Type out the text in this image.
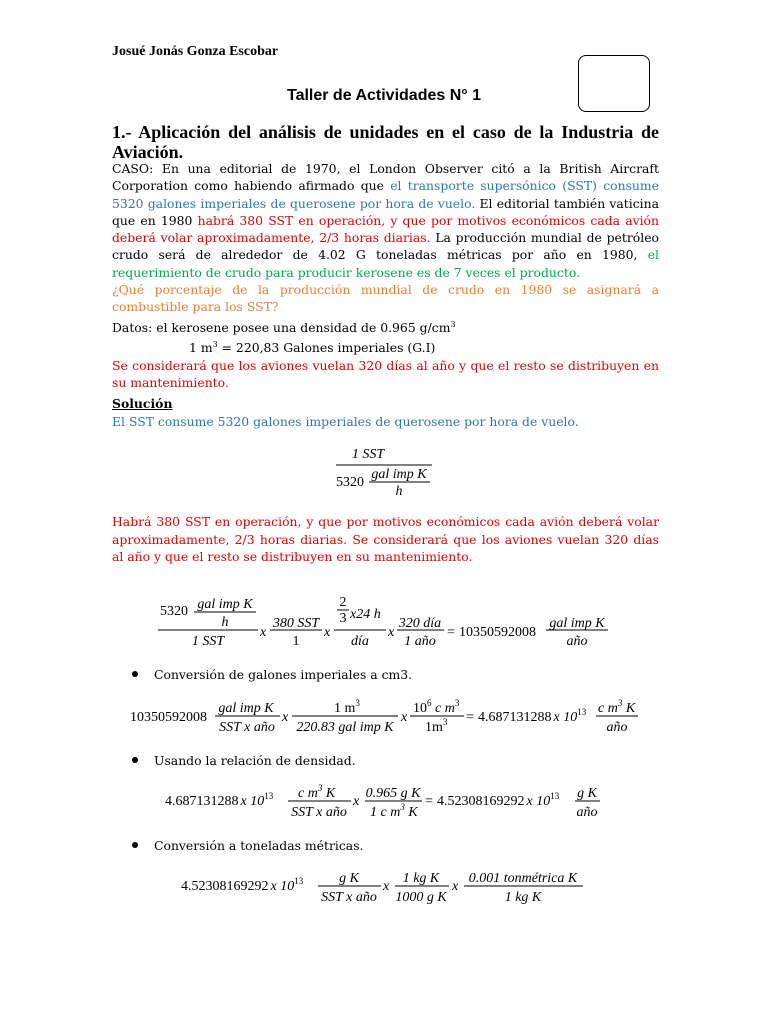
Josué Jonás Gonza Escobar
Taller de Actividades N° 1
1.- Aplicación del análisis de unidades en el caso de la Industria de Aviación.

CASO: En una editorial de 1970, el London Observer citó a la British Aircraft Corporation como habiendo afirmado que el transporte supersónico (SST) consume 5320 galones imperiales de querosene por hora de vuelo. El editorial también vaticina que en 1980 habrá 380 SST en operación, y que por motivos económicos cada avión deberá volar aproximadamente, 2/3 horas diarias. La producción mundial de petróleo crudo será de alrededor de 4.02 G toneladas métricas por año en 1980, el requerimiento de crudo para producir kerosene es de 7 veces el producto.

¿Qué porcentaje de la producción mundial de crudo en 1980 se asignará a combustible para los SST?

Datos: el kerosene posee una densidad de 0.965 $g/cm^3$

1 $m^3 = 220,83$ Galones imperiales (G.I)

Se considerará que los aviones vuelan 320 días al año y que el resto se distribuyen en su mantenimiento.

Solución
El SST consume 5320 galones imperiales de querosene por hora de vuelo.
Habrá 380 SST en operación, y que por motivos económicos cada avión deberá volar aproximadamente, 2/3 horas diarias. Se considerará que los aviones vuelan 320 días al año y que el resto se distribuyen en su mantenimiento.
Conversión de galones imperiales a cm3.
Usando la relación de densidad.
Conversión a toneladas métricas.
1 SST
5320
gal imp K
h
5320 gal imp K
h
1 SST
x
380 SST
1
x
2
3 x24 h
día
x
320 día
1 año
= 10350592008
gal imp K
año
10350592008
gal imp K
SST x año
x
1 $m^3$
220.83 gal imp K
x
$10^6$ c $m^3$
$1m^3 = 4.687131288$ x $10^{13}$ c $m^3$ K
año
4.687131288 x $10^{13}$ c $m^3$ K
SST x año
x
0.965 g K
1 c $m^3$ K
= 4.52308169292 x $10^{13}$ g K
año
4.52308169292 x $10^{13}$	g K
SST x año
x
1 kg K
1000 g K
x
0.001 tonmétrica K
1 kg K
